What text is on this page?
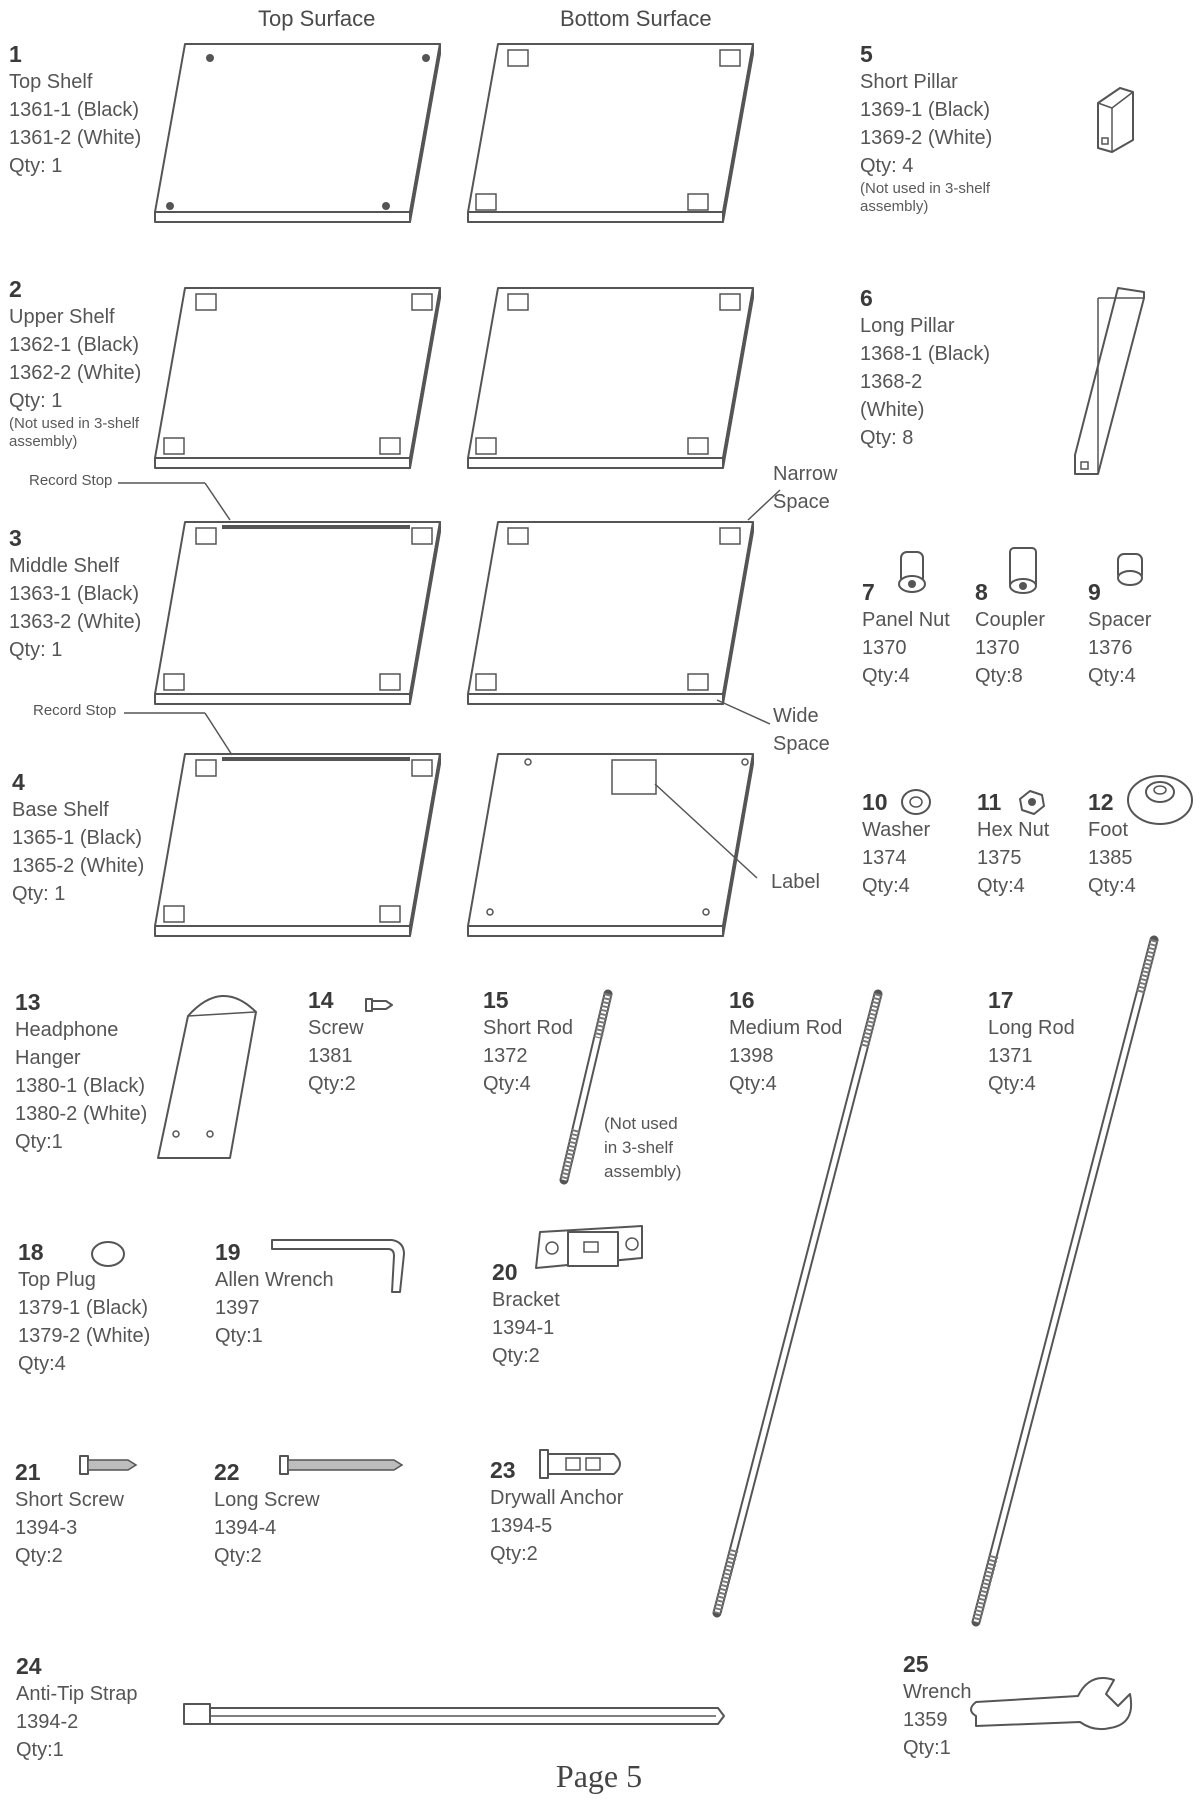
Top Surface	Bottom Surface
1
Top Shelf
1361-1 (Black)
1361-2 (White)
Qty: 1
2
Upper Shelf
1362-1 (Black)
1362-2 (White)
Qty: 1
(Not used in 3-shelf
assembly)
Record Stop
3
Middle Shelf
1363-1 (Black)
1363-2 (White)
Qty: 1
Record Stop
4
Base Shelf
1365-1 (Black)
1365-2 (White)
Qty: 1
Narrow
Space
Wide
Space
Label
5
Short Pillar
1369-1 (Black)
1369-2 (White)
Qty: 4
(Not used in 3-shelf
assembly)
6
Long Pillar
1368-1 (Black)
1368-2
(White)
Qty: 8
7
Panel Nut
1370
Qty:4
8
Coupler
1370
Qty:8
9
Spacer
1376
Qty:4
10
Washer
1374
Qty:4
11
Hex Nut
1375
Qty:4
12
Foot
1385
Qty:4
13
Headphone
Hanger
1380-1 (Black)
1380-2 (White)
Qty:1
14
Screw
1381
Qty:2
15
Short Rod
1372
Qty:4
(Not used
in 3-shelf
assembly)
16
Medium Rod
1398
Qty:4
17
Long Rod
1371
Qty:4
18
Top Plug
1379-1 (Black)
1379-2 (White)
Qty:4
19
Allen Wrench
1397
Qty:1
20
Bracket
1394-1
Qty:2
21
Short Screw
1394-3
Qty:2
22
Long Screw
1394-4
Qty:2
23
Drywall Anchor
1394-5
Qty:2
24
Anti-Tip Strap
1394-2
Qty:1
25
Wrench
1359
Qty:1
Page 5
